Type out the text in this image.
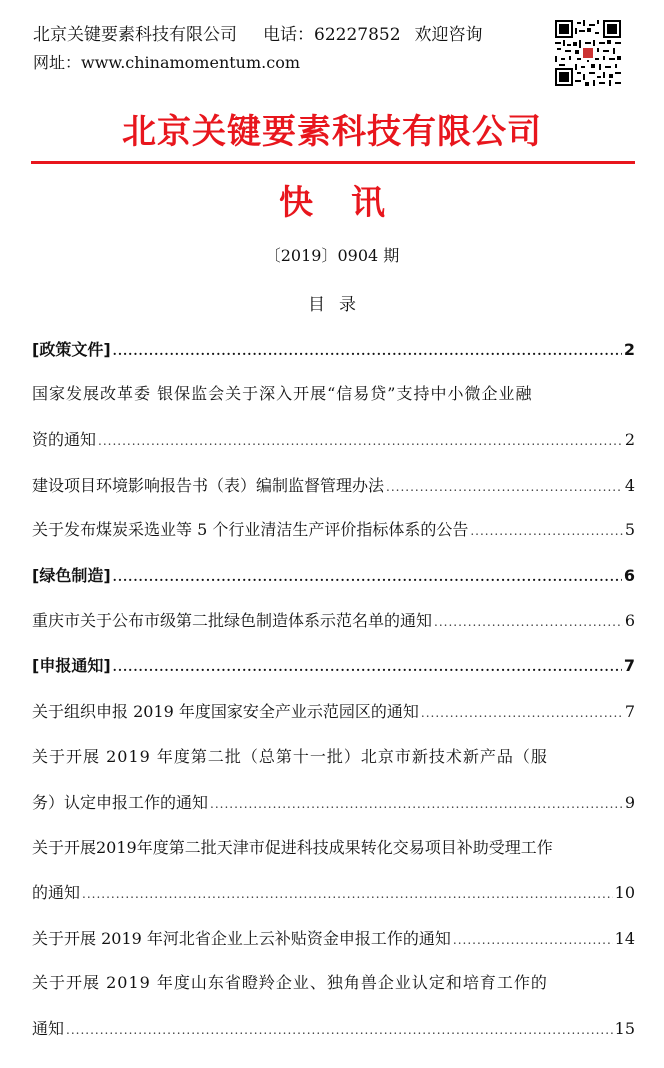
北京关键要素科技有限公司 电话：62227852 欢迎咨询
网址：www.chinamomentum.com
北京关键要素科技有限公司
快讯
〔2019〕0904 期
目录
[政策文件] .....	2
国家发展改革委 银保监会关于深入开展“信易贷”支持中小微企业融
资的通知 .....	2
建设项目环境影响报告书（表）编制监督管理办法 .....	4
关于发布煤炭采选业等 5 个行业清洁生产评价指标体系的公告 .....	5
[绿色制造] .....	6
重庆市关于公布市级第二批绿色制造体系示范名单的通知 .....	6
[申报通知] .....	7
关于组织申报 2019 年度国家安全产业示范园区的通知 .....	7
关于开展 2019 年度第二批（总第十一批）北京市新技术新产品（服
务）认定申报工作的通知 .....	9
关于开展2019年度第二批天津市促进科技成果转化交易项目补助受理工作
的通知 .....	10
关于开展 2019 年河北省企业上云补贴资金申报工作的通知 .....	14
关于开展 2019 年度山东省瞪羚企业、独角兽企业认定和培育工作的
通知 .....	15
